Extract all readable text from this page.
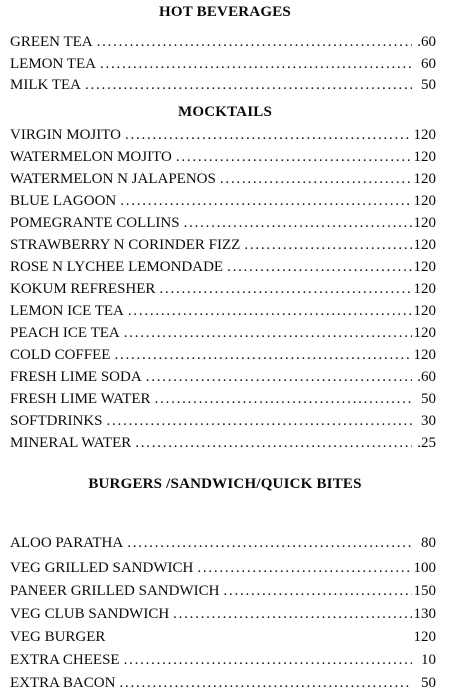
HOT BEVERAGES
GREEN TEA . . .	.60
LEMON TEA . . .	60
MILK TEA . . .	50
MOCKTAILS
VIRGIN MOJITO . . .	120
WATERMELON MOJITO . . .	120
WATERMELON N JALAPENOS . . .	120
BLUE LAGOON . . .	120
POMEGRANTE COLLINS . . .	120
STRAWBERRY N CORINDER FIZZ . . .	120
ROSE N LYCHEE LEMONDADE . . .	120
KOKUM REFRESHER . . .	120
LEMON ICE TEA . . .	120
PEACH ICE TEA . . .	120
COLD COFFEE . . .	120
FRESH LIME SODA . . .	.60
FRESH LIME WATER . . .	50
SOFTDRINKS . . .	30
MINERAL WATER . . .	.25
BURGERS /SANDWICH/QUICK BITES
ALOO PARATHA . . .	80
VEG GRILLED SANDWICH . . .	100
PANEER GRILLED SANDWICH . . .	150
VEG CLUB SANDWICH . . .	130
VEG BURGER	120
EXTRA CHEESE . . .	10
EXTRA BACON . . .	50
